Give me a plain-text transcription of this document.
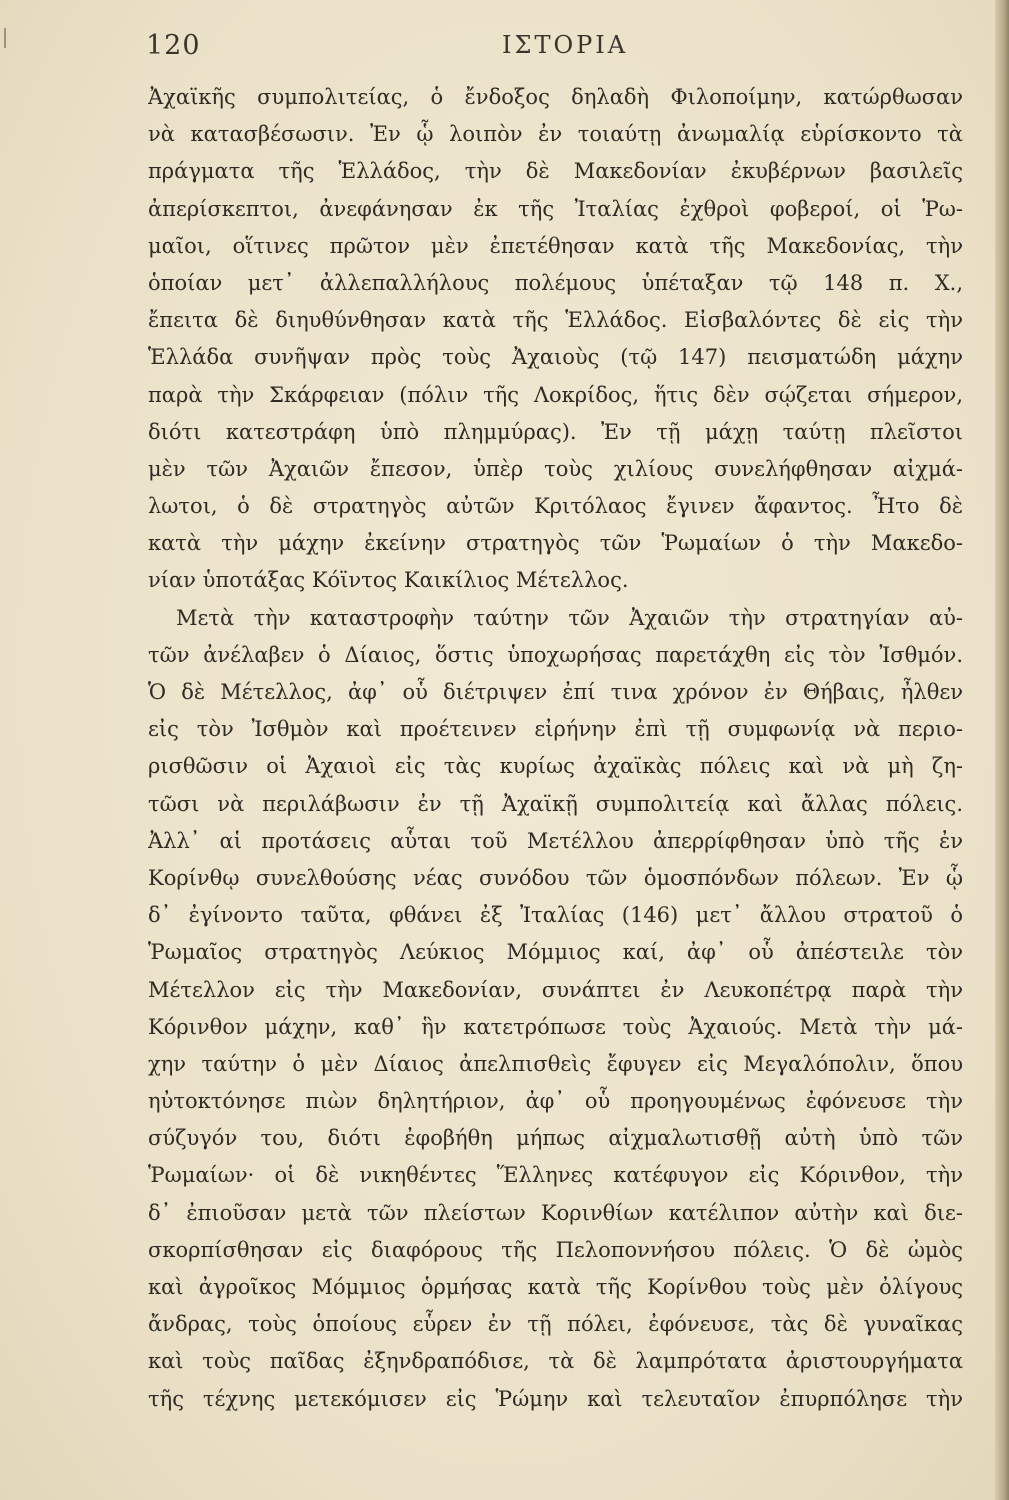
120	ΙΣΤΟΡΙΑ
Ἀχαϊκῆς συμπολιτείας, ὁ ἔνδοξος δηλαδὴ Φιλοποίμην, κατώρθωσαν
νὰ κατασβέσωσιν. Ἐν ᾧ λοιπὸν ἐν τοιαύτῃ ἀνωμαλίᾳ εὑρίσκοντο τὰ
πράγματα τῆς Ἑλλάδος, τὴν δὲ Μακεδονίαν ἐκυβέρνων βασιλεῖς
ἀπερίσκεπτοι, ἀνεφάνησαν ἐκ τῆς Ἰταλίας ἐχθροὶ φοβεροί, οἱ Ῥω-
μαῖοι, οἵτινες πρῶτον μὲν ἐπετέθησαν κατὰ τῆς Μακεδονίας, τὴν
ὁποίαν μετ᾽ ἀλλεπαλλήλους πολέμους ὑπέταξαν τῷ 148 π. Χ.,
ἔπειτα δὲ διηυθύνθησαν κατὰ τῆς Ἑλλάδος. Εἰσβαλόντες δὲ εἰς τὴν
Ἑλλάδα συνῆψαν πρὸς τοὺς Ἀχαιοὺς (τῷ 147) πεισματώδη μάχην
παρὰ τὴν Σκάρφειαν (πόλιν τῆς Λοκρίδος, ἥτις δὲν σῴζεται σήμερον,
διότι κατεστράφη ὑπὸ πλημμύρας). Ἐν τῇ μάχῃ ταύτῃ πλεῖστοι
μὲν τῶν Ἀχαιῶν ἔπεσον, ὑπὲρ τοὺς χιλίους συνελήφθησαν αἰχμά-
λωτοι, ὁ δὲ στρατηγὸς αὐτῶν Κριτόλαος ἔγινεν ἄφαντος. Ἦτο δὲ
κατὰ τὴν μάχην ἐκείνην στρατηγὸς τῶν Ῥωμαίων ὁ τὴν Μακεδο-
νίαν ὑποτάξας Κόϊντος Καικίλιος Μέτελλος.
Μετὰ τὴν καταστροφὴν ταύτην τῶν Ἀχαιῶν τὴν στρατηγίαν αὐ-
τῶν ἀνέλαβεν ὁ Δίαιος, ὅστις ὑποχωρήσας παρετάχθη εἰς τὸν Ἰσθμόν.
Ὁ δὲ Μέτελλος, ἀφ᾽ οὗ διέτριψεν ἐπί τινα χρόνον ἐν Θήβαις, ἦλθεν
εἰς τὸν Ἰσθμὸν καὶ προέτεινεν εἰρήνην ἐπὶ τῇ συμφωνίᾳ νὰ περιο-
ρισθῶσιν οἱ Ἀχαιοὶ εἰς τὰς κυρίως ἀχαϊκὰς πόλεις καὶ νὰ μὴ ζη-
τῶσι νὰ περιλάβωσιν ἐν τῇ Ἀχαϊκῇ συμπολιτείᾳ καὶ ἄλλας πόλεις.
Ἀλλ᾽ αἱ προτάσεις αὗται τοῦ Μετέλλου ἀπερρίφθησαν ὑπὸ τῆς ἐν
Κορίνθῳ συνελθούσης νέας συνόδου τῶν ὁμοσπόνδων πόλεων. Ἐν ᾧ
δ᾽ ἐγίνοντο ταῦτα, φθάνει ἐξ Ἰταλίας (146) μετ᾽ ἄλλου στρατοῦ ὁ
Ῥωμαῖος στρατηγὸς Λεύκιος Μόμμιος καί, ἀφ᾽ οὗ ἀπέστειλε τὸν
Μέτελλον εἰς τὴν Μακεδονίαν, συνάπτει ἐν Λευκοπέτρᾳ παρὰ τὴν
Κόρινθον μάχην, καθ᾽ ἣν κατετρόπωσε τοὺς Ἀχαιούς. Μετὰ τὴν μά-
χην ταύτην ὁ μὲν Δίαιος ἀπελπισθεὶς ἔφυγεν εἰς Μεγαλόπολιν, ὅπου
ηὐτοκτόνησε πιὼν δηλητήριον, ἀφ᾽ οὗ προηγουμένως ἐφόνευσε τὴν
σύζυγόν του, διότι ἐφοβήθη μήπως αἰχμαλωτισθῇ αὐτὴ ὑπὸ τῶν
Ῥωμαίων· οἱ δὲ νικηθέντες Ἕλληνες κατέφυγον εἰς Κόρινθον, τὴν
δ᾽ ἐπιοῦσαν μετὰ τῶν πλείστων Κορινθίων κατέλιπον αὐτὴν καὶ διε-
σκορπίσθησαν εἰς διαφόρους τῆς Πελοποννήσου πόλεις. Ὁ δὲ ὠμὸς
καὶ ἀγροῖκος Μόμμιος ὁρμήσας κατὰ τῆς Κορίνθου τοὺς μὲν ὀλίγους
ἄνδρας, τοὺς ὁποίους εὗρεν ἐν τῇ πόλει, ἐφόνευσε, τὰς δὲ γυναῖκας
καὶ τοὺς παῖδας ἐξηνδραπόδισε, τὰ δὲ λαμπρότατα ἀριστουργήματα
τῆς τέχνης μετεκόμισεν εἰς Ῥώμην καὶ τελευταῖον ἐπυρπόλησε τὴν
